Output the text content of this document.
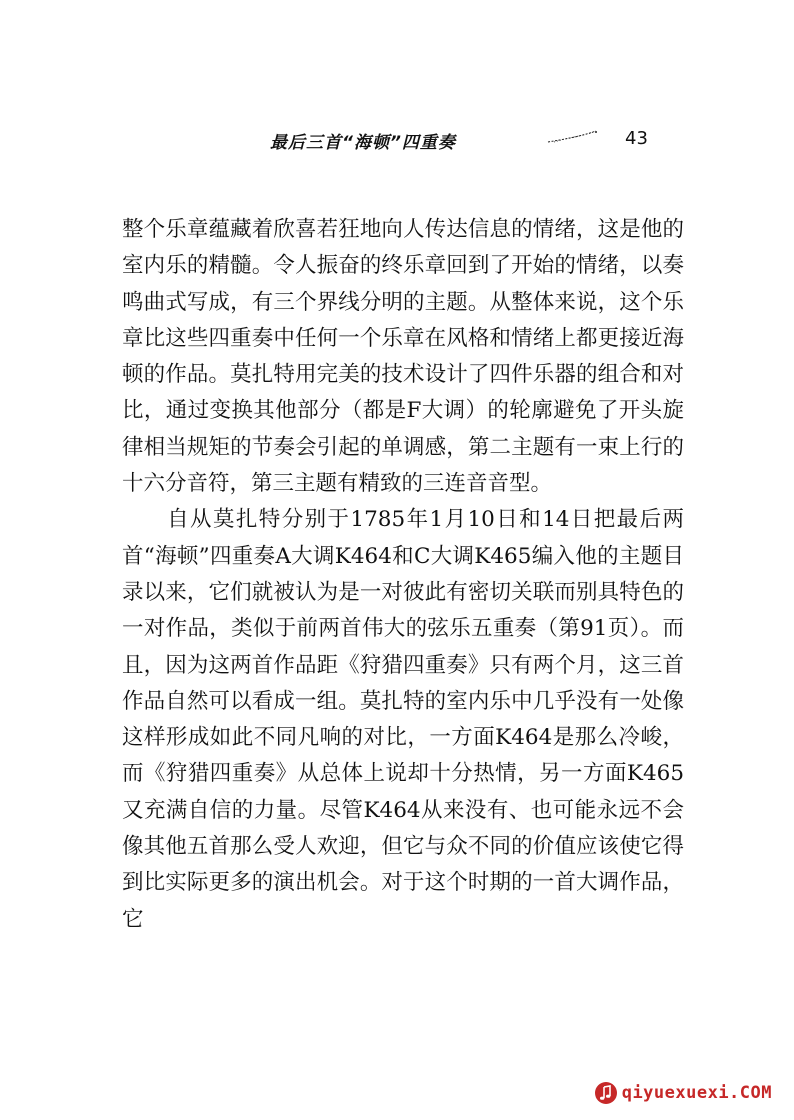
最后三首“海顿”四重奏	43

整个乐章蕴藏着欣喜若狂地向人传达信息的情绪，这是他的室内乐的精髓。令人振奋的终乐章回到了开始的情绪，以奏鸣曲式写成，有三个界线分明的主题。从整体来说，这个乐章比这些四重奏中任何一个乐章在风格和情绪上都更接近海顿的作品。莫扎特用完美的技术设计了四件乐器的组合和对比，通过变换其他部分（都是F大调）的轮廓避免了开头旋律相当规矩的节奏会引起的单调感，第二主题有一束上行的十六分音符，第三主题有精致的三连音音型。

自从莫扎特分别于1785年1月10日和14日把最后两首“海顿”四重奏A大调K464和C大调K465编入他的主题目录以来，它们就被认为是一对彼此有密切关联而别具特色的一对作品，类似于前两首伟大的弦乐五重奏（第91页）。而且，因为这两首作品距《狩猎四重奏》只有两个月，这三首作品自然可以看成一组。莫扎特的室内乐中几乎没有一处像这样形成如此不同凡响的对比，一方面K464是那么冷峻，而《狩猎四重奏》从总体上说却十分热情，另一方面K465又充满自信的力量。尽管K464从来没有、也可能永远不会像其他五首那么受人欢迎，但它与众不同的价值应该使它得到比实际更多的演出机会。对于这个时期的一首大调作品，它

qiyuexuexi.COM
